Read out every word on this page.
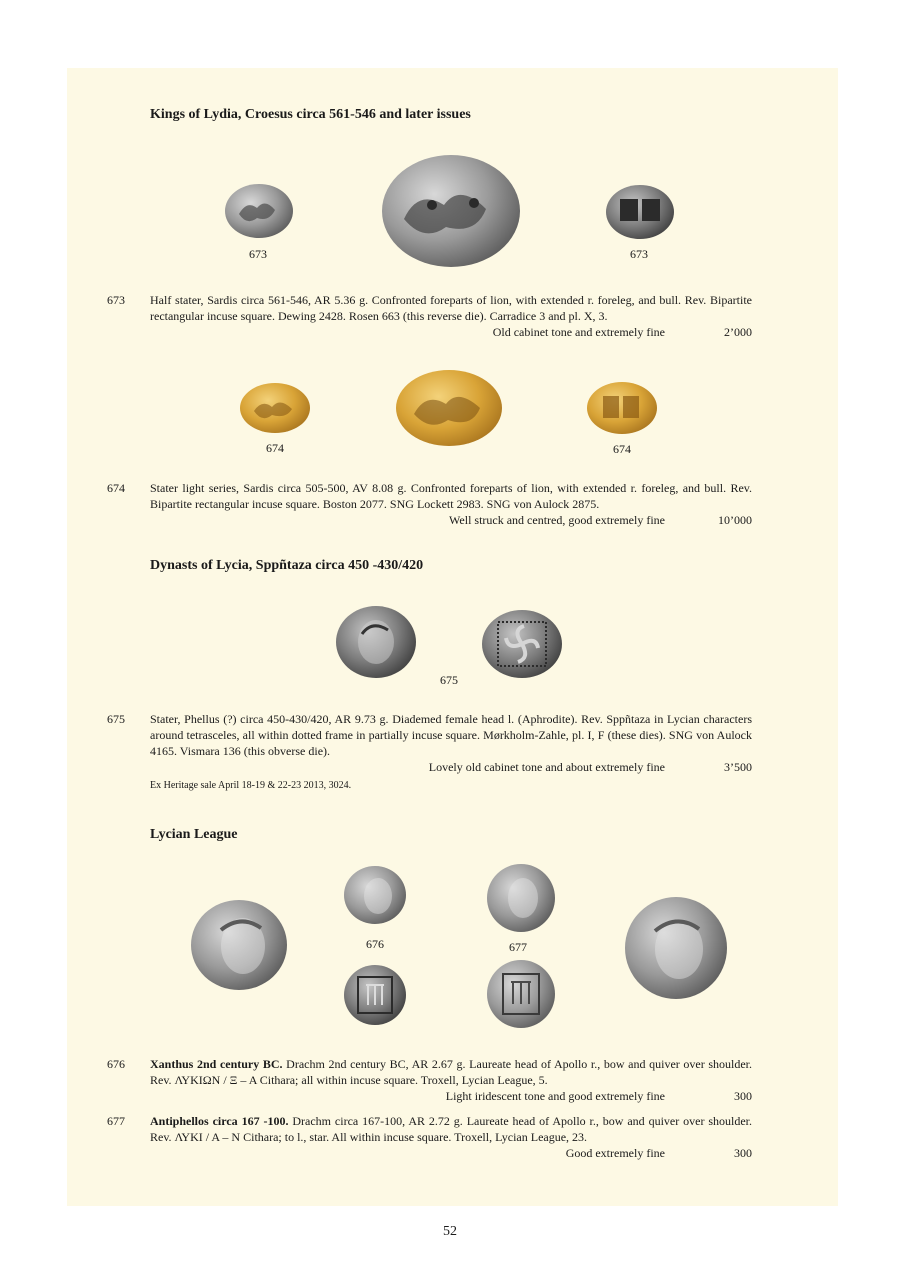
Kings of Lydia, Croesus circa 561-546 and later issues
673	673
673 Half stater, Sardis circa 561-546, AR 5.36 g. Confronted foreparts of lion, with extended r. foreleg, and bull. Rev. Bipartite rectangular incuse square. Dewing 2428. Rosen 663 (this reverse die). Carradice 3 and pl. X, 3.
Old cabinet tone and extremely fine	2’000
674	674
674 Stater light series, Sardis circa 505-500, AV 8.08 g. Confronted foreparts of lion, with extended r. foreleg, and bull. Rev. Bipartite rectangular incuse square. Boston 2077. SNG Lockett 2983. SNG von Aulock 2875.
Well struck and centred, good extremely fine	10’000
Dynasts of Lycia, Sppñtaza circa 450 -430/420
675
675 Stater, Phellus (?) circa 450-430/420, AR 9.73 g. Diademed female head l. (Aphrodite). Rev. Sppñtaza in Lycian characters around tetrasceles, all within dotted frame in partially incuse square. Mørkholm-Zahle, pl. I, F (these dies). SNG von Aulock 4165. Vismara 136 (this obverse die).
Lovely old cabinet tone and about extremely fine	3’500
Ex Heritage sale April 18-19 & 22-23 2013, 3024.
Lycian League
676	677
676 Xanthus 2nd century BC. Drachm 2nd century BC, AR 2.67 g. Laureate head of Apollo r., bow and quiver over shoulder. Rev. ΛΥΚΙΩΝ / Ξ – Α Cithara; all within incuse square. Troxell, Lycian League, 5.
Light iridescent tone and good extremely fine	300
677 Antiphellos circa 167 -100. Drachm circa 167-100, AR 2.72 g. Laureate head of Apollo r., bow and quiver over shoulder. Rev. ΛΥΚΙ / Α – Ν Cithara; to l., star. All within incuse square. Troxell, Lycian League, 23.
Good extremely fine	300
52
